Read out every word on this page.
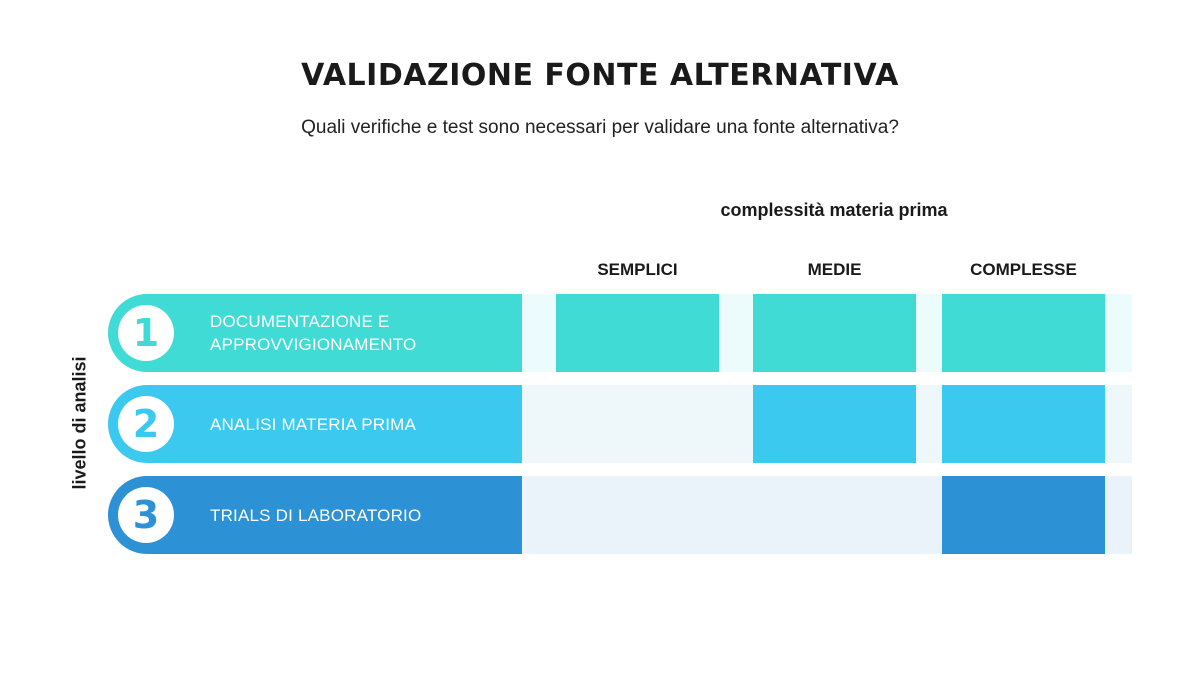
VALIDAZIONE FONTE ALTERNATIVA
Quali verifiche e test sono necessari per validare una fonte alternativa?
complessità materia prima
livello di analisi
SEMPLICI	MEDIE	COMPLESSE
1	DOCUMENTAZIONE E APPROVVIGIONAMENTO
2	ANALISI MATERIA PRIMA
3	TRIALS DI LABORATORIO
